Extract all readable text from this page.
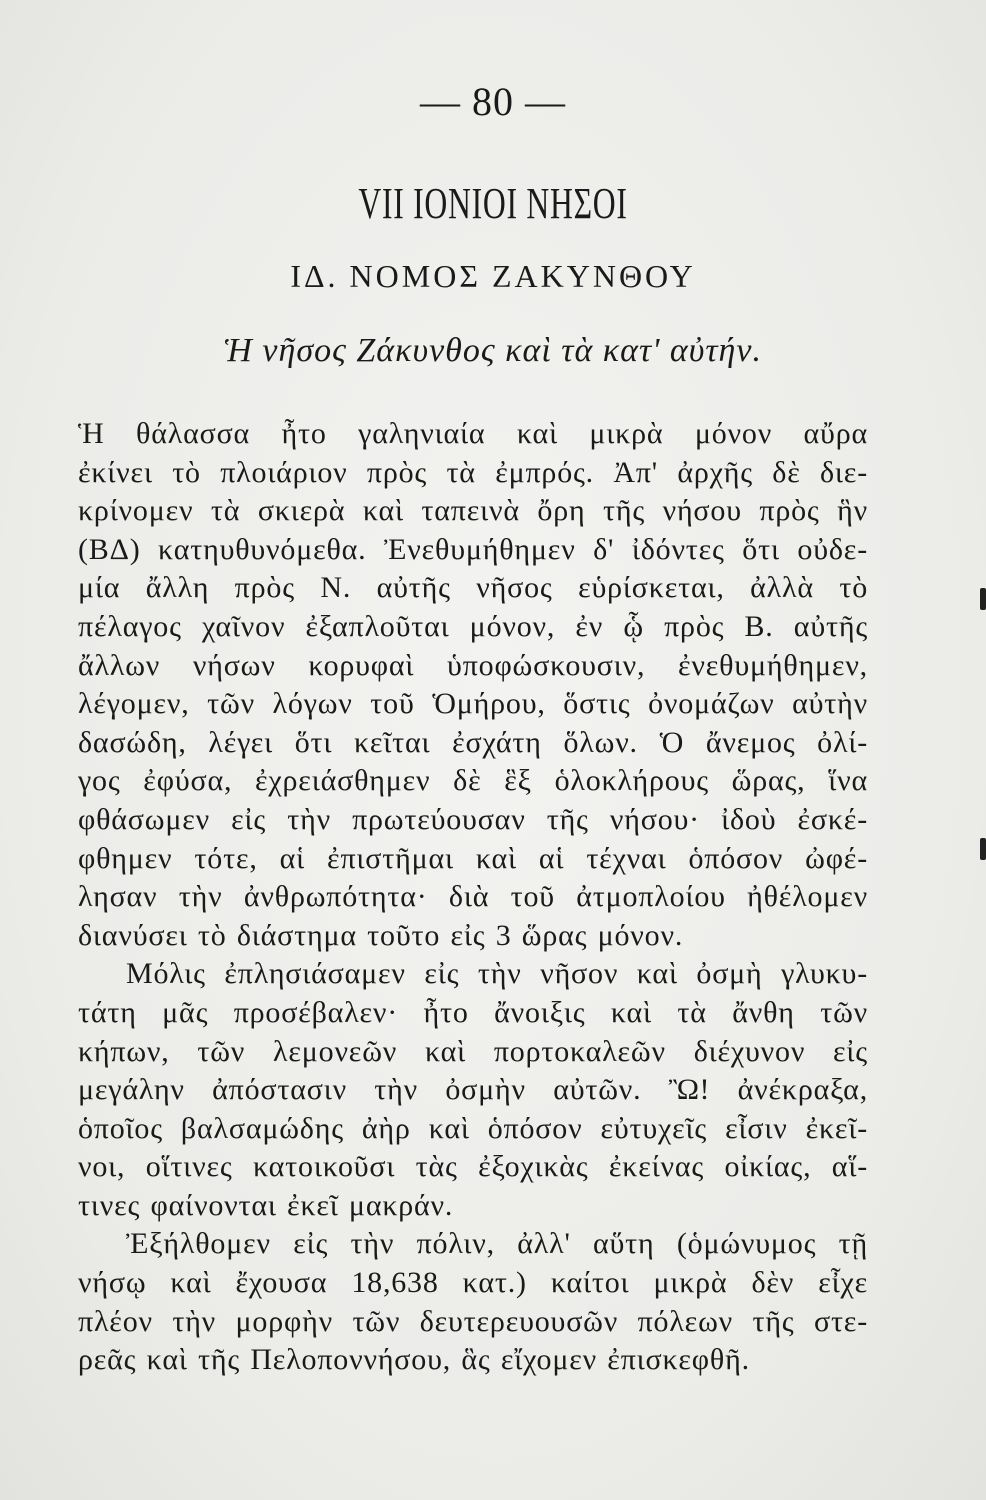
— 80 —
VII ΙΟΝΙΟΙ ΝΗΣΟΙ
ΙΔ. ΝΟΜΟΣ ΖΑΚΥΝΘΟΥ
Ἡ νῆσος Ζάκυνθος καὶ τὰ κατ' αὐτήν.
Ἡ θάλασσα ἦτο γαληνιαία καὶ μικρὰ μόνον αὔρα
ἐκίνει τὸ πλοιάριον πρὸς τὰ ἐμπρός. Ἀπ' ἀρχῆς δὲ διε-
κρίνομεν τὰ σκιερὰ καὶ ταπεινὰ ὄρη τῆς νήσου πρὸς ἣν
(ΒΔ) κατηυθυνόμεθα. Ἐνεθυμήθημεν δ' ἰδόντες ὅτι οὐδε-
μία ἄλλη πρὸς Ν. αὐτῆς νῆσος εὑρίσκεται, ἀλλὰ τὸ
πέλαγος χαῖνον ἐξαπλοῦται μόνον, ἐν ᾧ πρὸς Β. αὐτῆς
ἄλλων νήσων κορυφαὶ ὑποφώσκουσιν, ἐνεθυμήθημεν,
λέγομεν, τῶν λόγων τοῦ Ὁμήρου, ὅστις ὀνομάζων αὐτὴν
δασώδη, λέγει ὅτι κεῖται ἐσχάτη ὅλων. Ὁ ἄνεμος ὀλί-
γος ἐφύσα, ἐχρειάσθημεν δὲ ἓξ ὁλοκλήρους ὥρας, ἵνα
φθάσωμεν εἰς τὴν πρωτεύουσαν τῆς νήσου· ἰδοὺ ἐσκέ-
φθημεν τότε, αἱ ἐπιστῆμαι καὶ αἱ τέχναι ὁπόσον ὠφέ-
λησαν τὴν ἀνθρωπότητα· διὰ τοῦ ἀτμοπλοίου ἠθέλομεν
διανύσει τὸ διάστημα τοῦτο εἰς 3 ὥρας μόνον.
Μόλις ἐπλησιάσαμεν εἰς τὴν νῆσον καὶ ὀσμὴ γλυκυ-
τάτη μᾶς προσέβαλεν· ἦτο ἄνοιξις καὶ τὰ ἄνθη τῶν
κήπων, τῶν λεμονεῶν καὶ πορτοκαλεῶν διέχυνον εἰς
μεγάλην ἀπόστασιν τὴν ὀσμὴν αὐτῶν. Ὢ! ἀνέκραξα,
ὁποῖος βαλσαμώδης ἀὴρ καὶ ὁπόσον εὐτυχεῖς εἶσιν ἐκεῖ-
νοι, οἵτινες κατοικοῦσι τὰς ἐξοχικὰς ἐκείνας οἰκίας, αἵ-
τινες φαίνονται ἐκεῖ μακράν.
Ἐξήλθομεν εἰς τὴν πόλιν, ἀλλ' αὕτη (ὁμώνυμος τῇ
νήσῳ καὶ ἔχουσα 18,638 κατ.) καίτοι μικρὰ δὲν εἶχε
πλέον τὴν μορφὴν τῶν δευτερευουσῶν πόλεων τῆς στε-
ρεᾶς καὶ τῆς Πελοποννήσου, ἃς εἴχομεν ἐπισκεφθῆ.
